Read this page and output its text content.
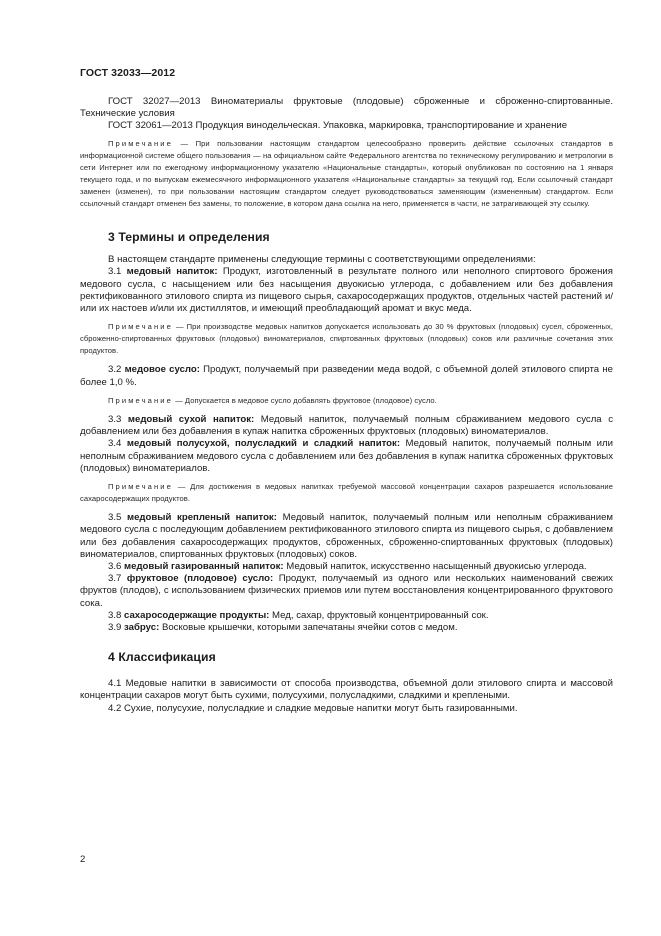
ГОСТ 32033—2012

ГОСТ 32027—2013 Виноматериалы фруктовые (плодовые) сброженные и сброженно-спиртованные. Технические условия

ГОСТ 32061—2013 Продукция винодельческая. Упаковка, маркировка, транспортирование и хранение

Примечание — При пользовании настоящим стандартом целесообразно проверить действие ссылочных стандартов в информационной системе общего пользования — на официальном сайте Федерального агентства по техническому регулированию и метрологии в сети Интернет или по ежегодному информационному указателю «Национальные стандарты», который опубликован по состоянию на 1 января текущего года, и по выпускам ежемесячного информационного указателя «Национальные стандарты» за текущий год. Если ссылочный стандарт заменен (изменен), то при пользовании настоящим стандартом следует руководствоваться заменяющим (измененным) стандартом. Если ссылочный стандарт отменен без замены, то положение, в котором дана ссылка на него, применяется в части, не затрагивающей эту ссылку.

3 Термины и определения

В настоящем стандарте применены следующие термины с соответствующими определениями:

3.1 медовый напиток: Продукт, изготовленный в результате полного или неполного спиртового брожения медового сусла, с насыщением или без насыщения двуокисью углерода, с добавлением или без добавления ректификованного этилового спирта из пищевого сырья, сахаросодержащих продуктов, отдельных частей растений и/или их настоев и/или их дистиллятов, и имеющий преобладающий аромат и вкус меда.

Примечание — При производстве медовых напитков допускается использовать до 30 % фруктовых (плодовых) сусел, сброженных, сброженно-спиртованных фруктовых (плодовых) виноматериалов, спиртованных фруктовых (плодовых) соков или различные сочетания этих продуктов.

3.2 медовое сусло: Продукт, получаемый при разведении меда водой, с объемной долей этилового спирта не более 1,0 %.

Примечание — Допускается в медовое сусло добавлять фруктовое (плодовое) сусло.

3.3 медовый сухой напиток: Медовый напиток, получаемый полным сбраживанием медового сусла с добавлением или без добавления в купаж напитка сброженных фруктовых (плодовых) виноматериалов.

3.4 медовый полусухой, полусладкий и сладкий напиток: Медовый напиток, получаемый полным или неполным сбраживанием медового сусла с добавлением или без добавления в купаж напитка сброженных фруктовых (плодовых) виноматериалов.

Примечание — Для достижения в медовых напитках требуемой массовой концентрации сахаров разрешается использование сахаросодержащих продуктов.

3.5 медовый крепленый напиток: Медовый напиток, получаемый полным или неполным сбраживанием медового сусла с последующим добавлением ректификованного этилового спирта из пищевого сырья, с добавлением или без добавления сахаросодержащих продуктов, сброженных, сброженно-спиртованных фруктовых (плодовых) виноматериалов, спиртованных фруктовых (плодовых) соков.

3.6 медовый газированный напиток: Медовый напиток, искусственно насыщенный двуокисью углерода.

3.7 фруктовое (плодовое) сусло: Продукт, получаемый из одного или нескольких наименований свежих фруктов (плодов), с использованием физических приемов или путем восстановления концентрированного фруктового сока.

3.8 сахаросодержащие продукты: Мед, сахар, фруктовый концентрированный сок.

3.9 забрус: Восковые крышечки, которыми запечатаны ячейки сотов с медом.

4 Классификация

4.1 Медовые напитки в зависимости от способа производства, объемной доли этилового спирта и массовой концентрации сахаров могут быть сухими, полусухими, полусладкими, сладкими и креплеными.

4.2 Сухие, полусухие, полусладкие и сладкие медовые напитки могут быть газированными.

2
